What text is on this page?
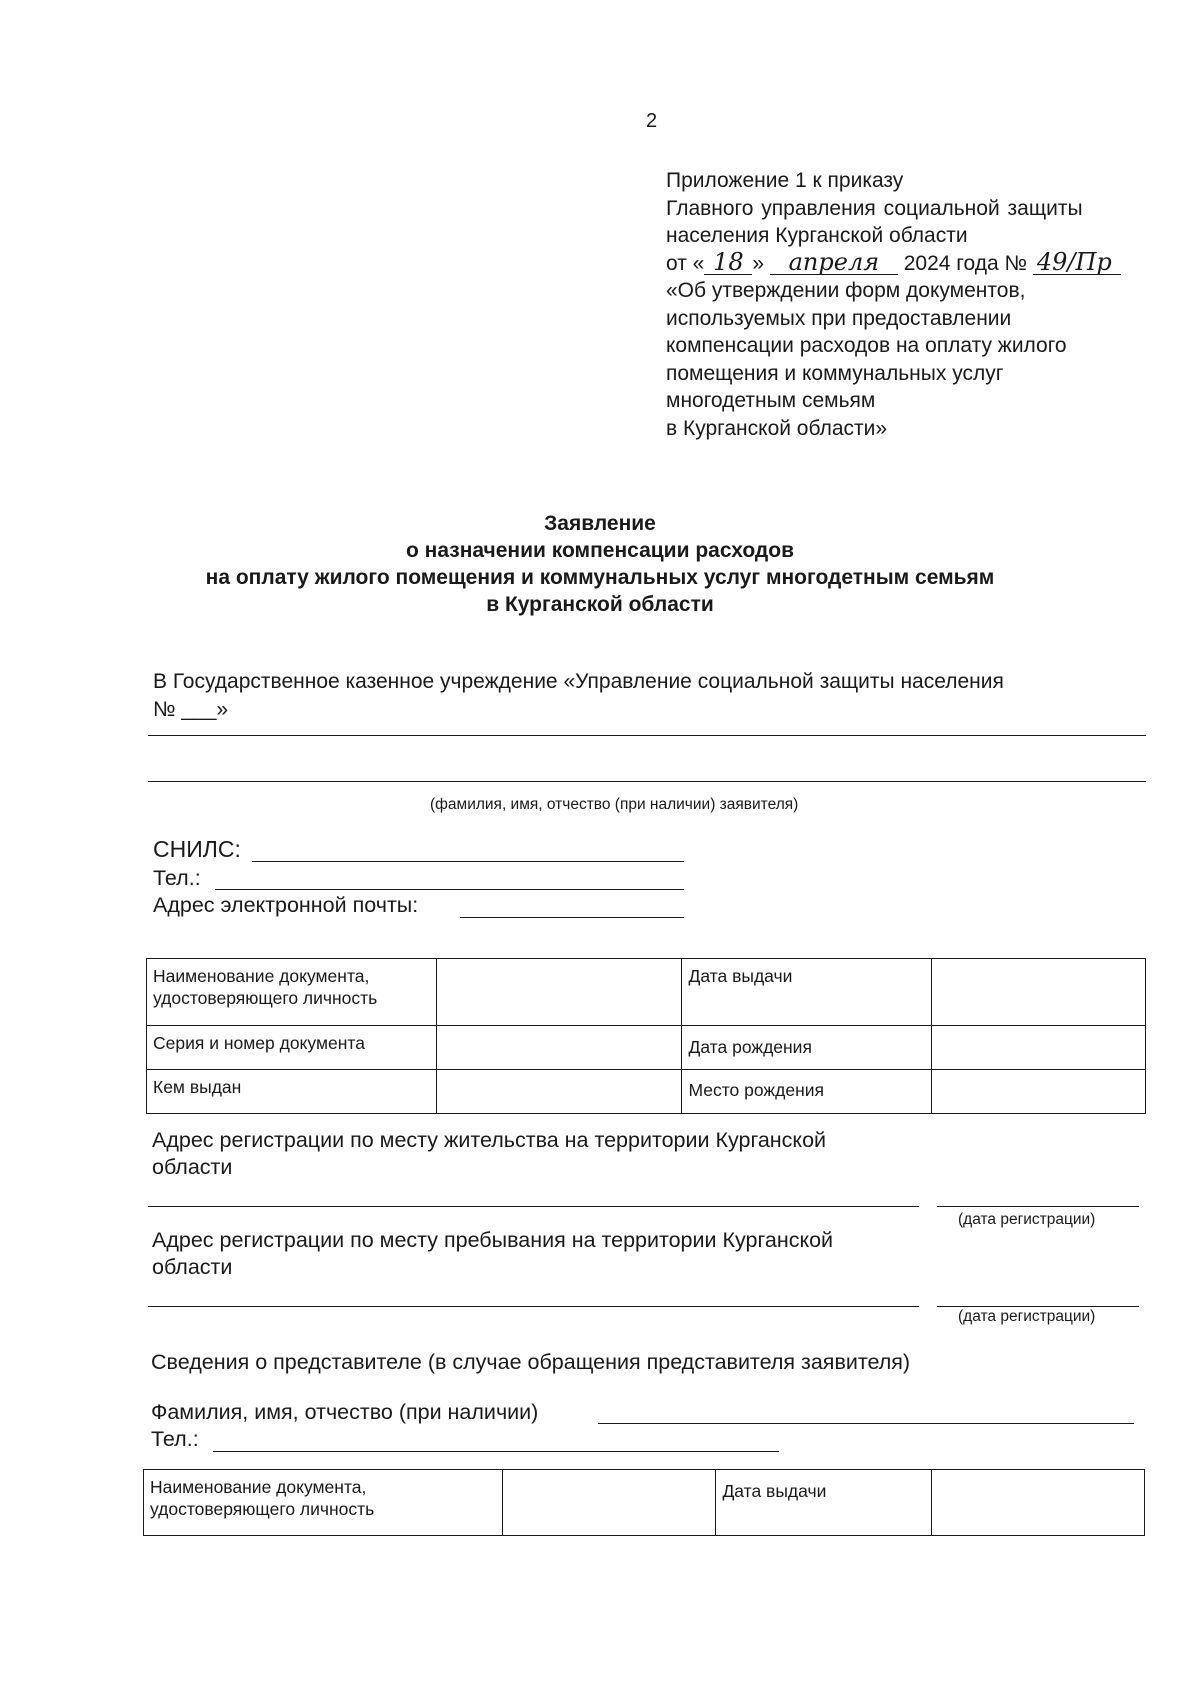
2
Приложение 1 к приказу
Главного управления социальной защиты
населения Курганской области
от « 18 » апреля 2024 года № 49/Пр
«Об утверждении форм документов,
используемых при предоставлении
компенсации расходов на оплату жилого
помещения и коммунальных услуг
многодетным семьям
в Курганской области»
Заявление
о назначении компенсации расходов
на оплату жилого помещения и коммунальных услуг многодетным семьям
в Курганской области
В Государственное казенное учреждение «Управление социальной защиты населения
№ ___»
(фамилия, имя, отчество (при наличии) заявителя)
СНИЛС:
Тел.:
Адрес электронной почты:
Наименование документа, удостоверяющего личность		Дата выдачи	
Серия и номер документа		Дата рождения	
Кем выдан		Место рождения	
Адрес регистрации по месту жительства на территории Курганской
области
(дата регистрации)
Адрес регистрации по месту пребывания на территории Курганской
области
(дата регистрации)
Сведения о представителе (в случае обращения представителя заявителя)
Фамилия, имя, отчество (при наличии)
Тел.:
Наименование документа, удостоверяющего личность		Дата выдачи	
